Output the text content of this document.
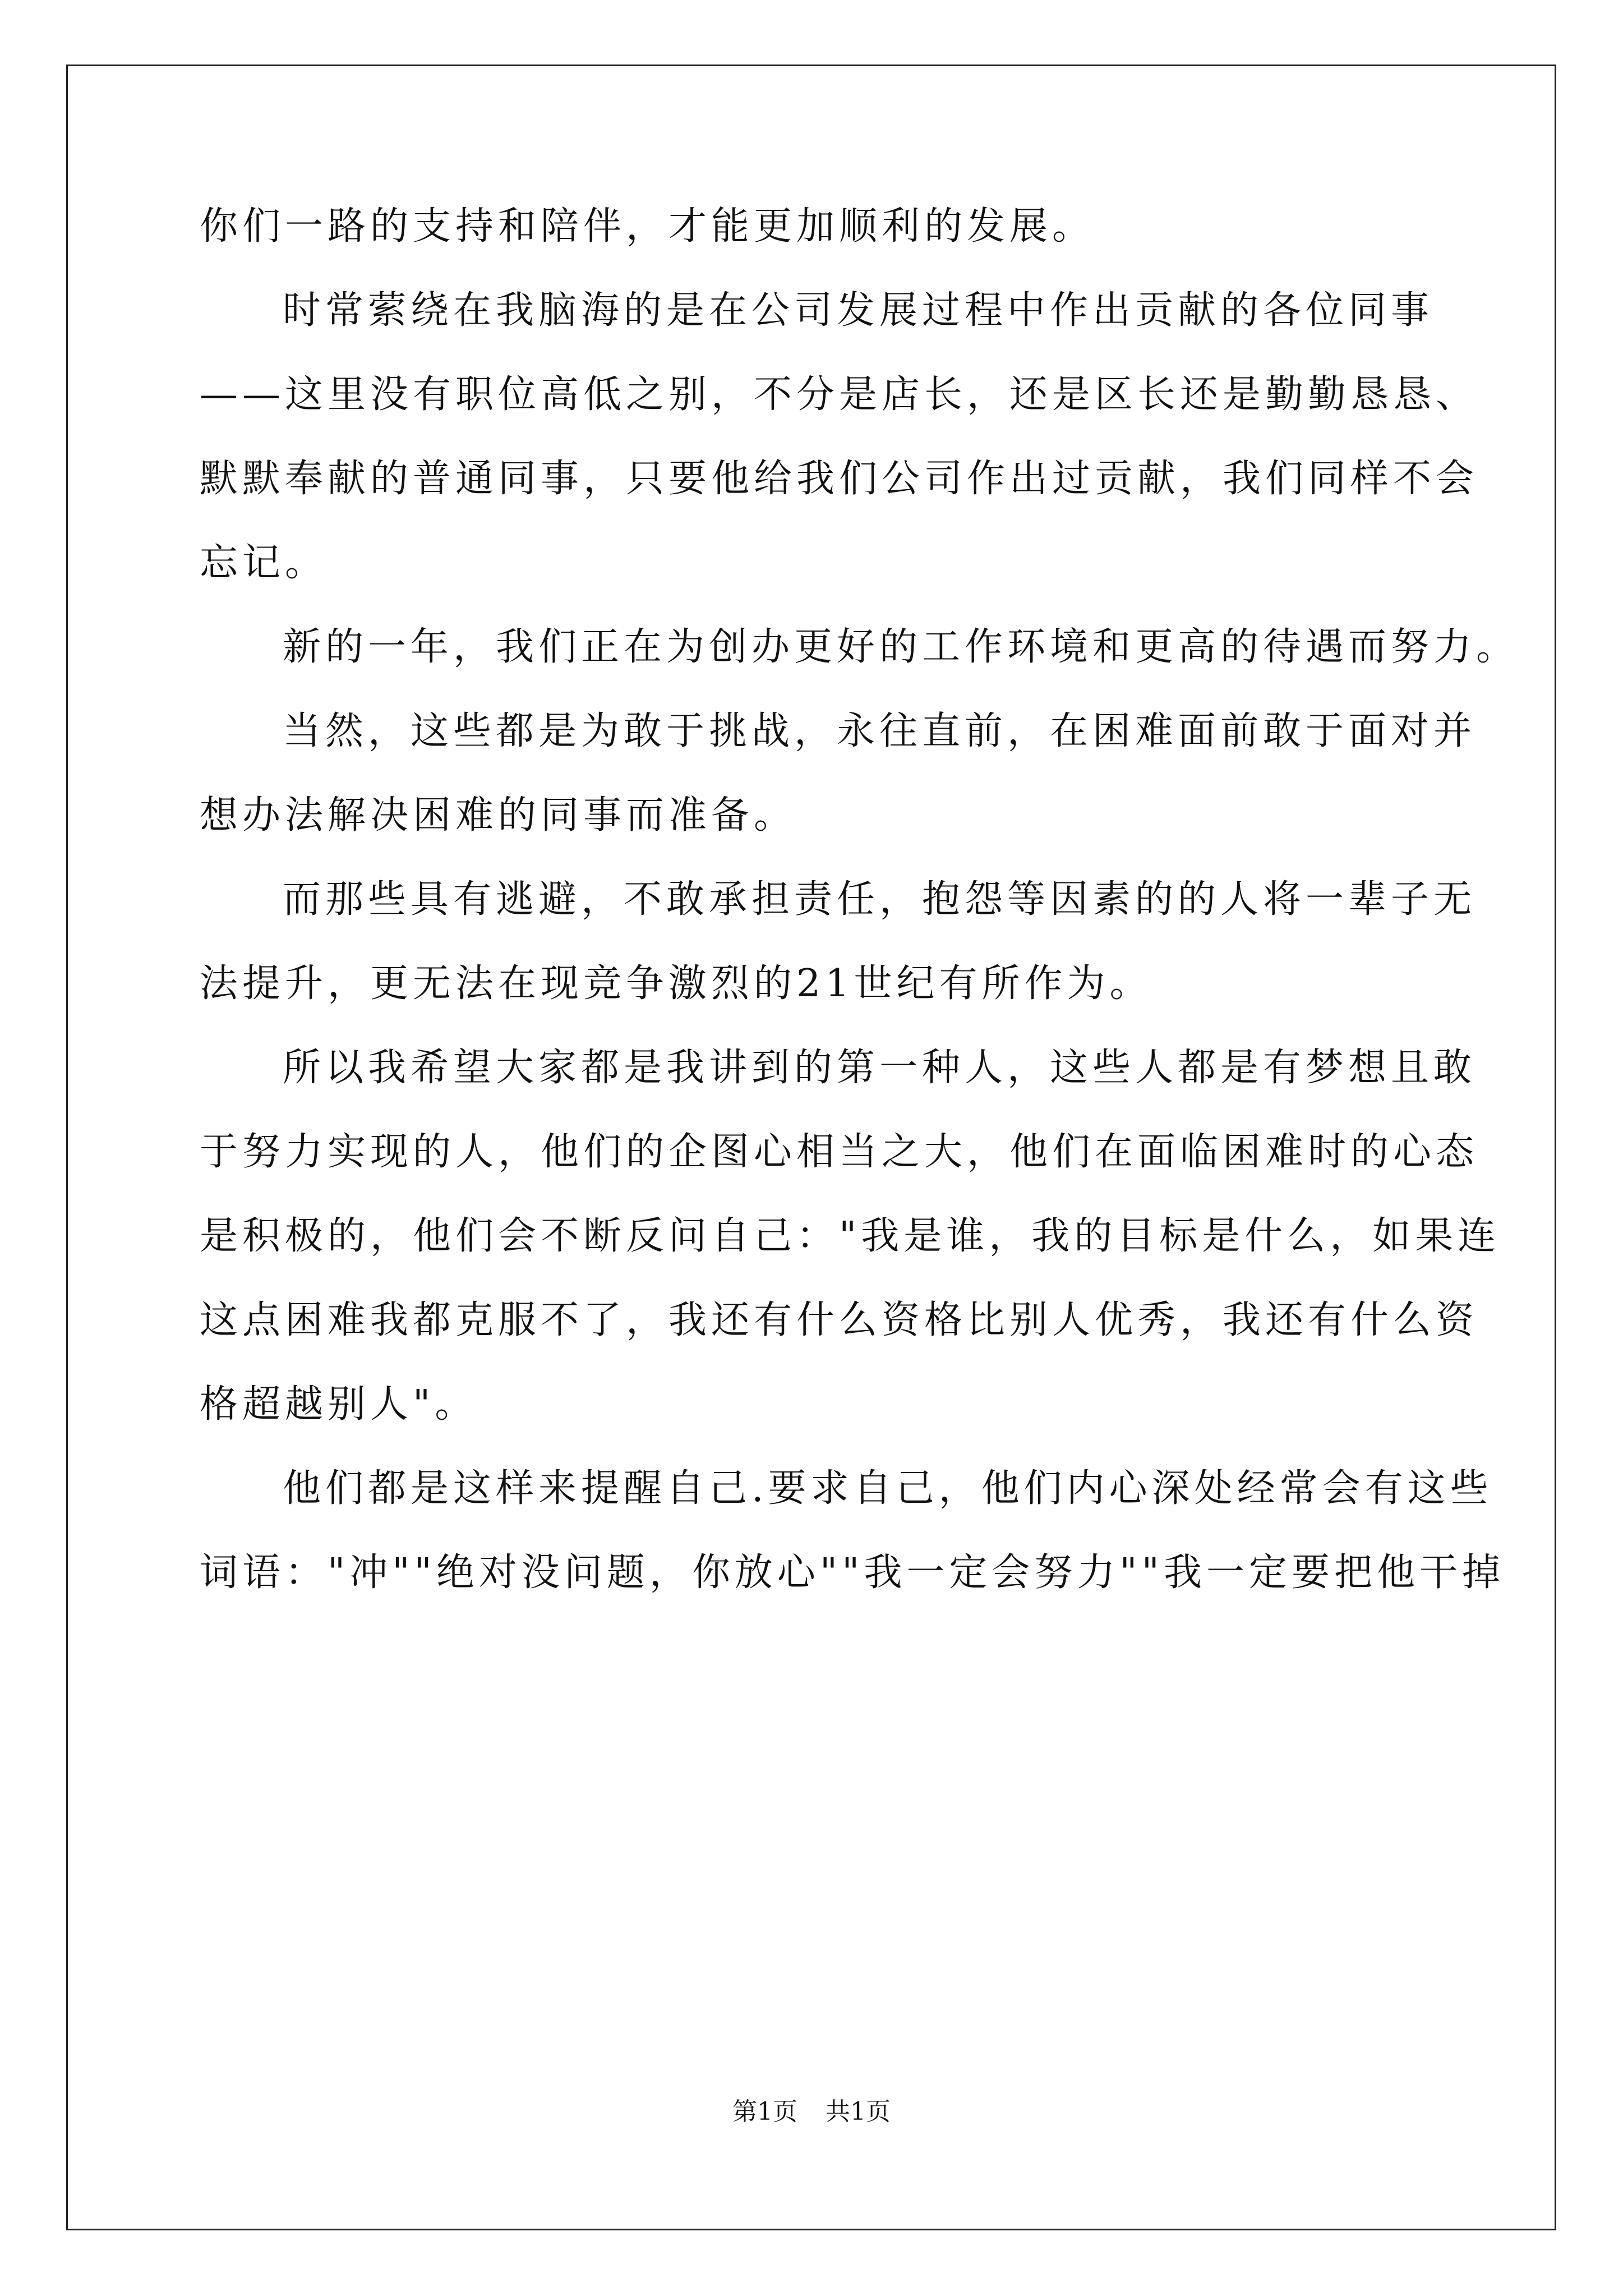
你们一路的支持和陪伴，才能更加顺利的发展。
时常萦绕在我脑海的是在公司发展过程中作出贡献的各位同事
——这里没有职位高低之别，不分是店长，还是区长还是勤勤恳恳、
默默奉献的普通同事，只要他给我们公司作出过贡献，我们同样不会
忘记。
新的一年，我们正在为创办更好的工作环境和更高的待遇而努力。
当然，这些都是为敢于挑战，永往直前，在困难面前敢于面对并
想办法解决困难的同事而准备。
而那些具有逃避，不敢承担责任，抱怨等因素的的人将一辈子无
法提升，更无法在现竞争激烈的21世纪有所作为。
所以我希望大家都是我讲到的第一种人，这些人都是有梦想且敢
于努力实现的人，他们的企图心相当之大，他们在面临困难时的心态
是积极的，他们会不断反问自己："我是谁，我的目标是什么，如果连
这点困难我都克服不了，我还有什么资格比别人优秀，我还有什么资
格超越别人"。
他们都是这样来提醒自己.要求自己，他们内心深处经常会有这些
词语："冲""绝对没问题，你放心""我一定会努力""我一定要把他干掉
第1页 共1页
